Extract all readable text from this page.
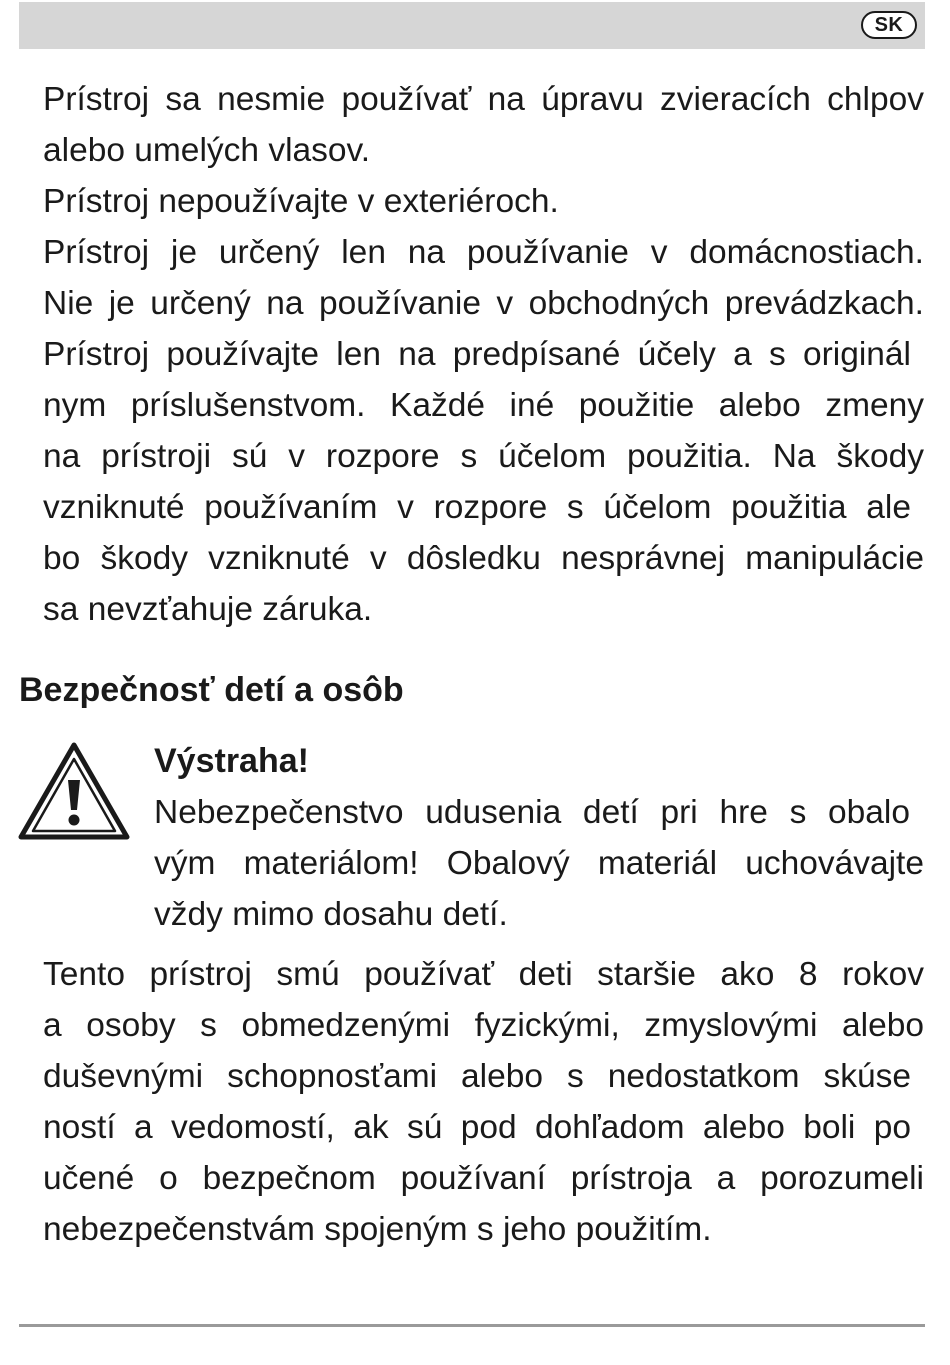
SK
Prístroj sa nesmie používať na úpravu zvieracích chlpov
alebo umelých vlasov.
Prístroj nepoužívajte v exteriéroch.
Prístroj je určený len na používanie v domácnostiach.
Nie je určený na používanie v obchodných prevádzkach.
Prístroj používajte len na predpísané účely a s originál
nym príslušenstvom. Každé iné použitie alebo zmeny
na prístroji sú v rozpore s účelom použitia. Na škody
vzniknuté používaním v rozpore s účelom použitia ale
bo škody vzniknuté v dôsledku nesprávnej manipulácie
sa nevzťahuje záruka.
Bezpečnosť detí a osôb
Výstraha!
Nebezpečenstvo udusenia detí pri hre s obalo
vým materiálom! Obalový materiál uchovávajte
vždy mimo dosahu detí.
Tento prístroj smú používať deti staršie ako 8 rokov
a osoby s obmedzenými fyzickými, zmyslovými alebo
duševnými schopnosťami alebo s nedostatkom skúse
ností a vedomostí, ak sú pod dohľadom alebo boli po
učené o bezpečnom používaní prístroja a porozumeli
nebezpečenstvám spojeným s jeho použitím.
